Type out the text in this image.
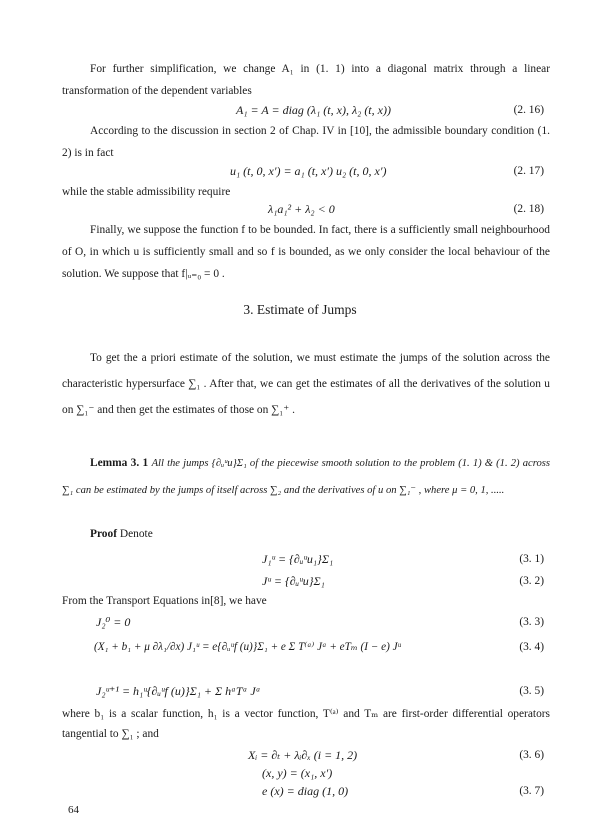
For further simplification, we change A₁ in (1. 1) into a diagonal matrix through a linear transformation of the dependent variables
A₁ = A = diag (λ₁ (t, x), λ₂ (t, x))	(2. 16)
According to the discussion in section 2 of Chap. IV in [10], the admissible boundary condition (1. 2) is in fact
u₁ (t, 0, x′) = a₁ (t, x′) u₂ (t, 0, x′)	(2. 17)
while the stable admissibility require
λ₁a₁² + λ₂ < 0	(2. 18)
Finally, we suppose the function f to be bounded. In fact, there is a sufficiently small neighbourhood of O, in which u is sufficiently small and so f is bounded, as we only consider the local behaviour of the solution. We suppose that f|ᵤ₌₀ = 0 .
3. Estimate of Jumps
To get the a priori estimate of the solution, we must estimate the jumps of the solution across the characteristic hypersurface ∑₁ . After that, we can get the estimates of all the derivatives of the solution u on ∑₁⁻ and then get the estimates of those on ∑₁⁺ .
Lemma 3. 1 All the jumps {∂ᵤᵘu}Σ₁ of the piecewise smooth solution to the problem (1. 1) & (1. 2) across ∑₁ can be estimated by the jumps of itself across ∑₂ and the derivatives of u on ∑₁⁻ , where μ = 0, 1, .....
Proof Denote
J₁ᵘ = {∂ᵤᵘu₁}Σ₁	(3. 1)
Jᵘ = {∂ᵤᵘu}Σ₁	(3. 2)
From the Transport Equations in[8], we have
J₂⁰ = 0	(3. 3)
(X₁ + b₁ + μ ∂λ₁/∂x) J₁ᵘ = e{∂ᵤᵘf (u)}Σ₁ + e Σ T⁽ᵃ⁾ Jᵃ + eTₘ (I − e) Jᵘ	(3. 4)
J₂ᵘ⁺¹ = h₁ᵘ{∂ᵤᵘf (u)}Σ₁ + Σ hᵃTᵃ Jᵃ	(3. 5)
where b₁ is a scalar function, h₁ is a vector function, T⁽ᵃ⁾ and Tₘ are first-order differential operators tangential to ∑₁ ; and
Xᵢ = ∂ₜ + λᵢ∂ₓ (i = 1, 2)	(3. 6)
(x, y) = (x₁, x′)
e (x) = diag (1, 0)	(3. 7)
64
